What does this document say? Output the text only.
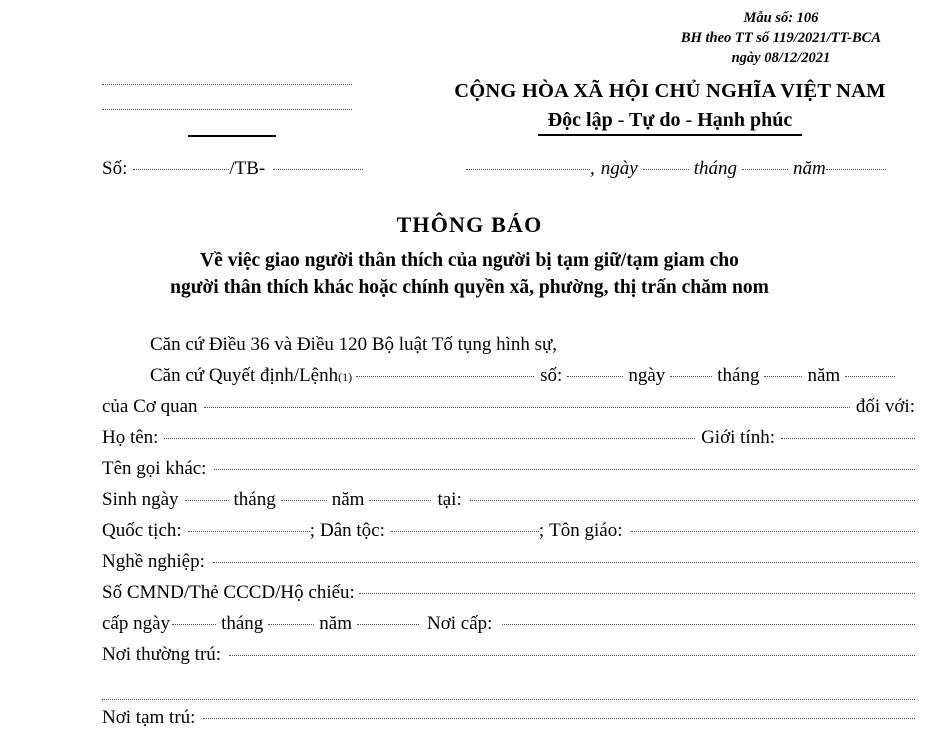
Mẫu số: 106
BH theo TT số 119/2021/TT-BCA
ngày 08/12/2021
CỘNG HÒA XÃ HỘI CHỦ NGHĨA VIỆT NAM
Độc lập - Tự do - Hạnh phúc
Số:	/TB-	, ngày	tháng	năm
THÔNG BÁO
Về việc giao người thân thích của người bị tạm giữ/tạm giam cho
người thân thích khác hoặc chính quyền xã, phường, thị trấn chăm nom
Căn cứ Điều 36 và Điều 120 Bộ luật Tố tụng hình sự,
Căn cứ Quyết định/Lệnh (1)	số:	ngày	tháng	năm
của Cơ quan	đối với:
Họ tên:	Giới tính:
Tên gọi khác:
Sinh ngày	tháng	năm	tại:
Quốc tịch:	; Dân tộc:	; Tôn giáo:
Nghề nghiệp:
Số CMND/Thẻ CCCD/Hộ chiếu:
cấp ngày	tháng	năm	Nơi cấp:
Nơi thường trú:
Nơi tạm trú:
